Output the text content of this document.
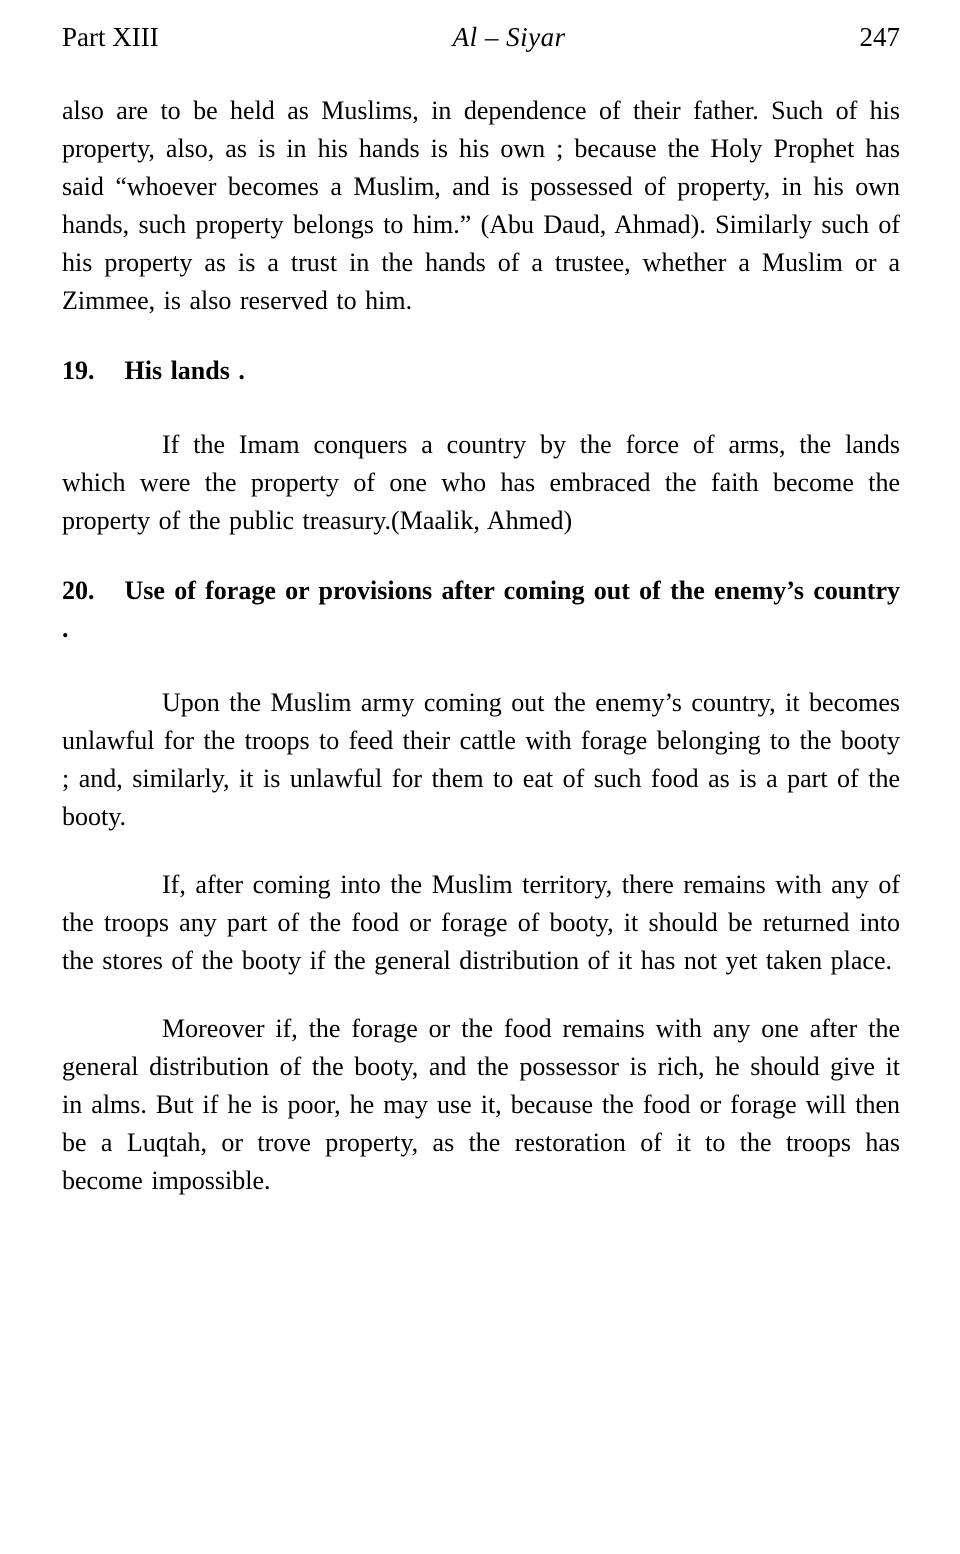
Part XIII	Al – Siyar	247

also are to be held as Muslims, in dependence of their father. Such of his property, also, as is in his hands is his own ; because the Holy Prophet has said “whoever becomes a Muslim, and is possessed of property, in his own hands, such property belongs to him.” (Abu Daud, Ahmad). Similarly such of his property as is a trust in the hands of a trustee, whether a Muslim or a Zimmee, is also reserved to him.

19. His lands .

If the Imam conquers a country by the force of arms, the lands which were the property of one who has embraced the faith become the property of the public treasury.(Maalik, Ahmed)

20. Use of forage or provisions after coming out of the enemy’s country .

Upon the Muslim army coming out the enemy’s country, it becomes unlawful for the troops to feed their cattle with forage belonging to the booty ; and, similarly, it is unlawful for them to eat of such food as is a part of the booty.

If, after coming into the Muslim territory, there remains with any of the troops any part of the food or forage of booty, it should be returned into the stores of the booty if the general distribution of it has not yet taken place.

Moreover if, the forage or the food remains with any one after the general distribution of the booty, and the possessor is rich, he should give it in alms. But if he is poor, he may use it, because the food or forage will then be a Luqtah, or trove property, as the restoration of it to the troops has become impossible.
